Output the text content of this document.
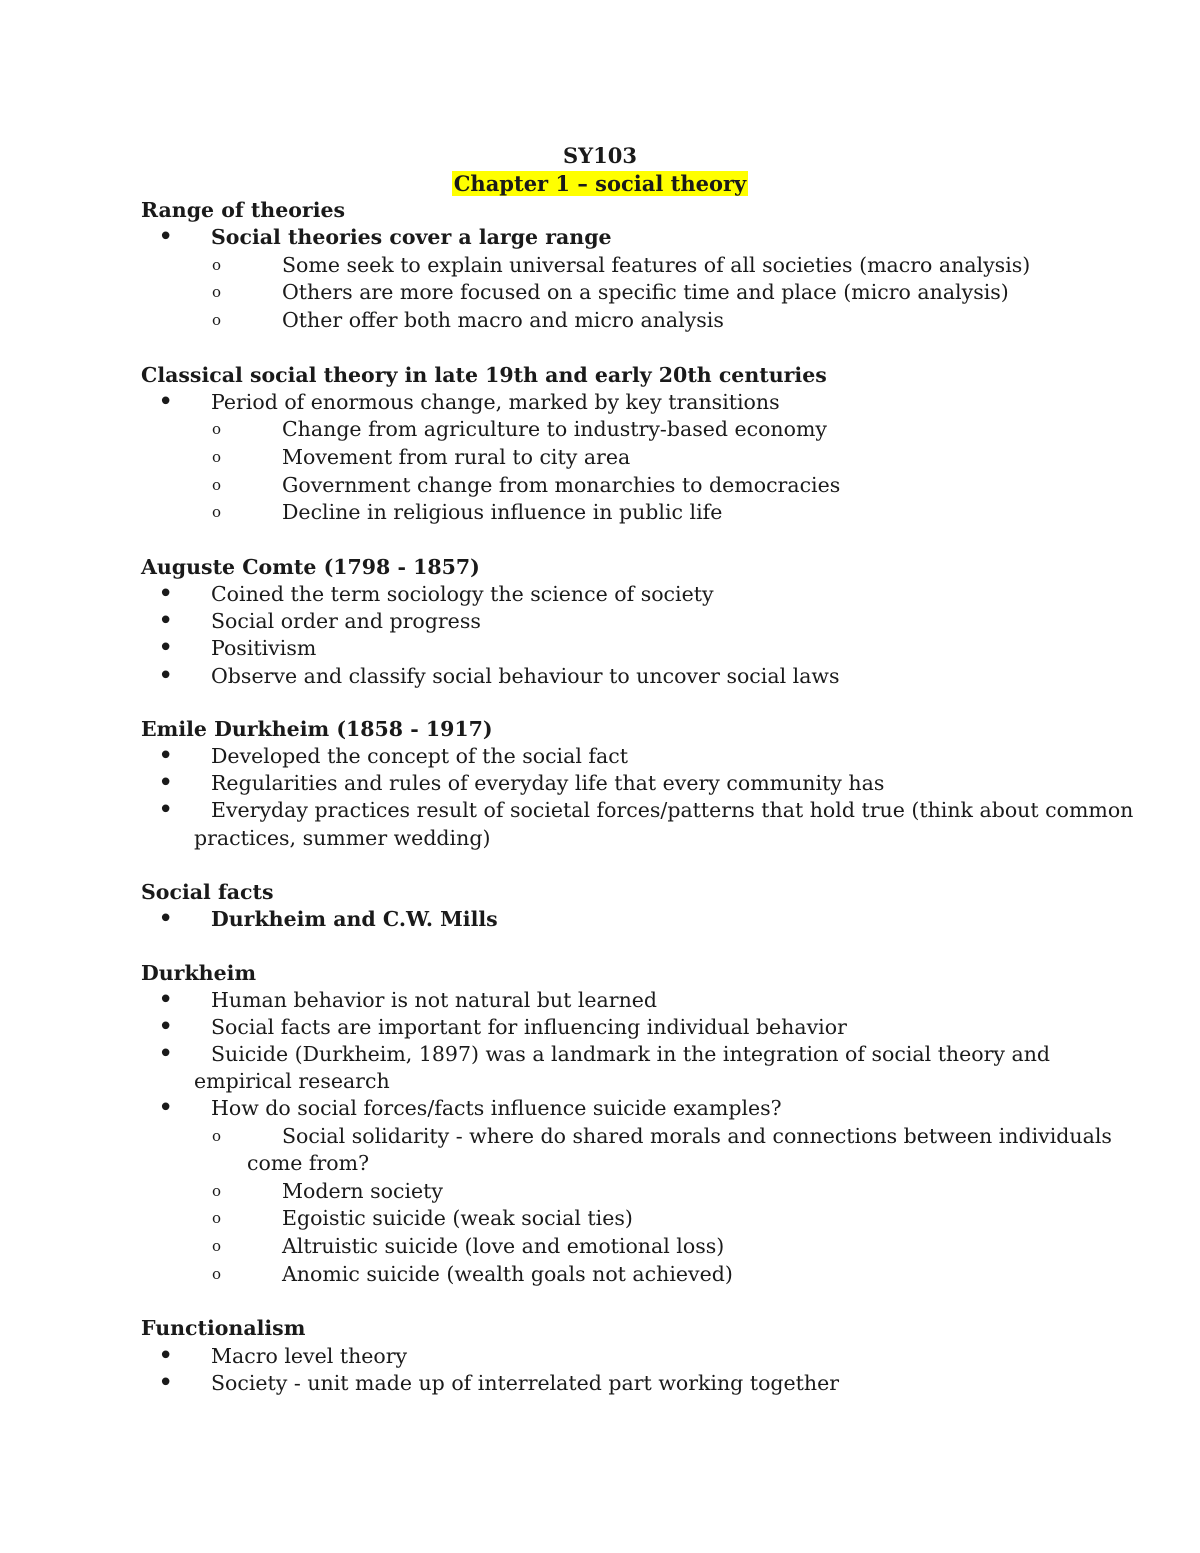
SY103
Chapter 1 – social theory
Range of theories
• Social theories cover a large range
o	Some seek to explain universal features of all societies (macro analysis)
o	Others are more focused on a specific time and place (micro analysis)
o	Other offer both macro and micro analysis
Classical social theory in late 19th and early 20th centuries
• Period of enormous change, marked by key transitions
o	Change from agriculture to industry-based economy
o	Movement from rural to city area
o	Government change from monarchies to democracies
o	Decline in religious influence in public life
Auguste Comte (1798 - 1857)
• Coined the term sociology the science of society
• Social order and progress
• Positivism
• Observe and classify social behaviour to uncover social laws
Emile Durkheim (1858 - 1917)
• Developed the concept of the social fact
• Regularities and rules of everyday life that every community has
• Everyday practices result of societal forces/patterns that hold true (think about common
practices, summer wedding)
Social facts
• Durkheim and C.W. Mills
Durkheim
• Human behavior is not natural but learned
• Social facts are important for influencing individual behavior
• Suicide (Durkheim, 1897) was a landmark in the integration of social theory and
empirical research
• How do social forces/facts influence suicide examples?
o	Social solidarity - where do shared morals and connections between individuals
come from?
o	Modern society
o	Egoistic suicide (weak social ties)
o	Altruistic suicide (love and emotional loss)
o	Anomic suicide (wealth goals not achieved)
Functionalism
• Macro level theory
• Society - unit made up of interrelated part working together
